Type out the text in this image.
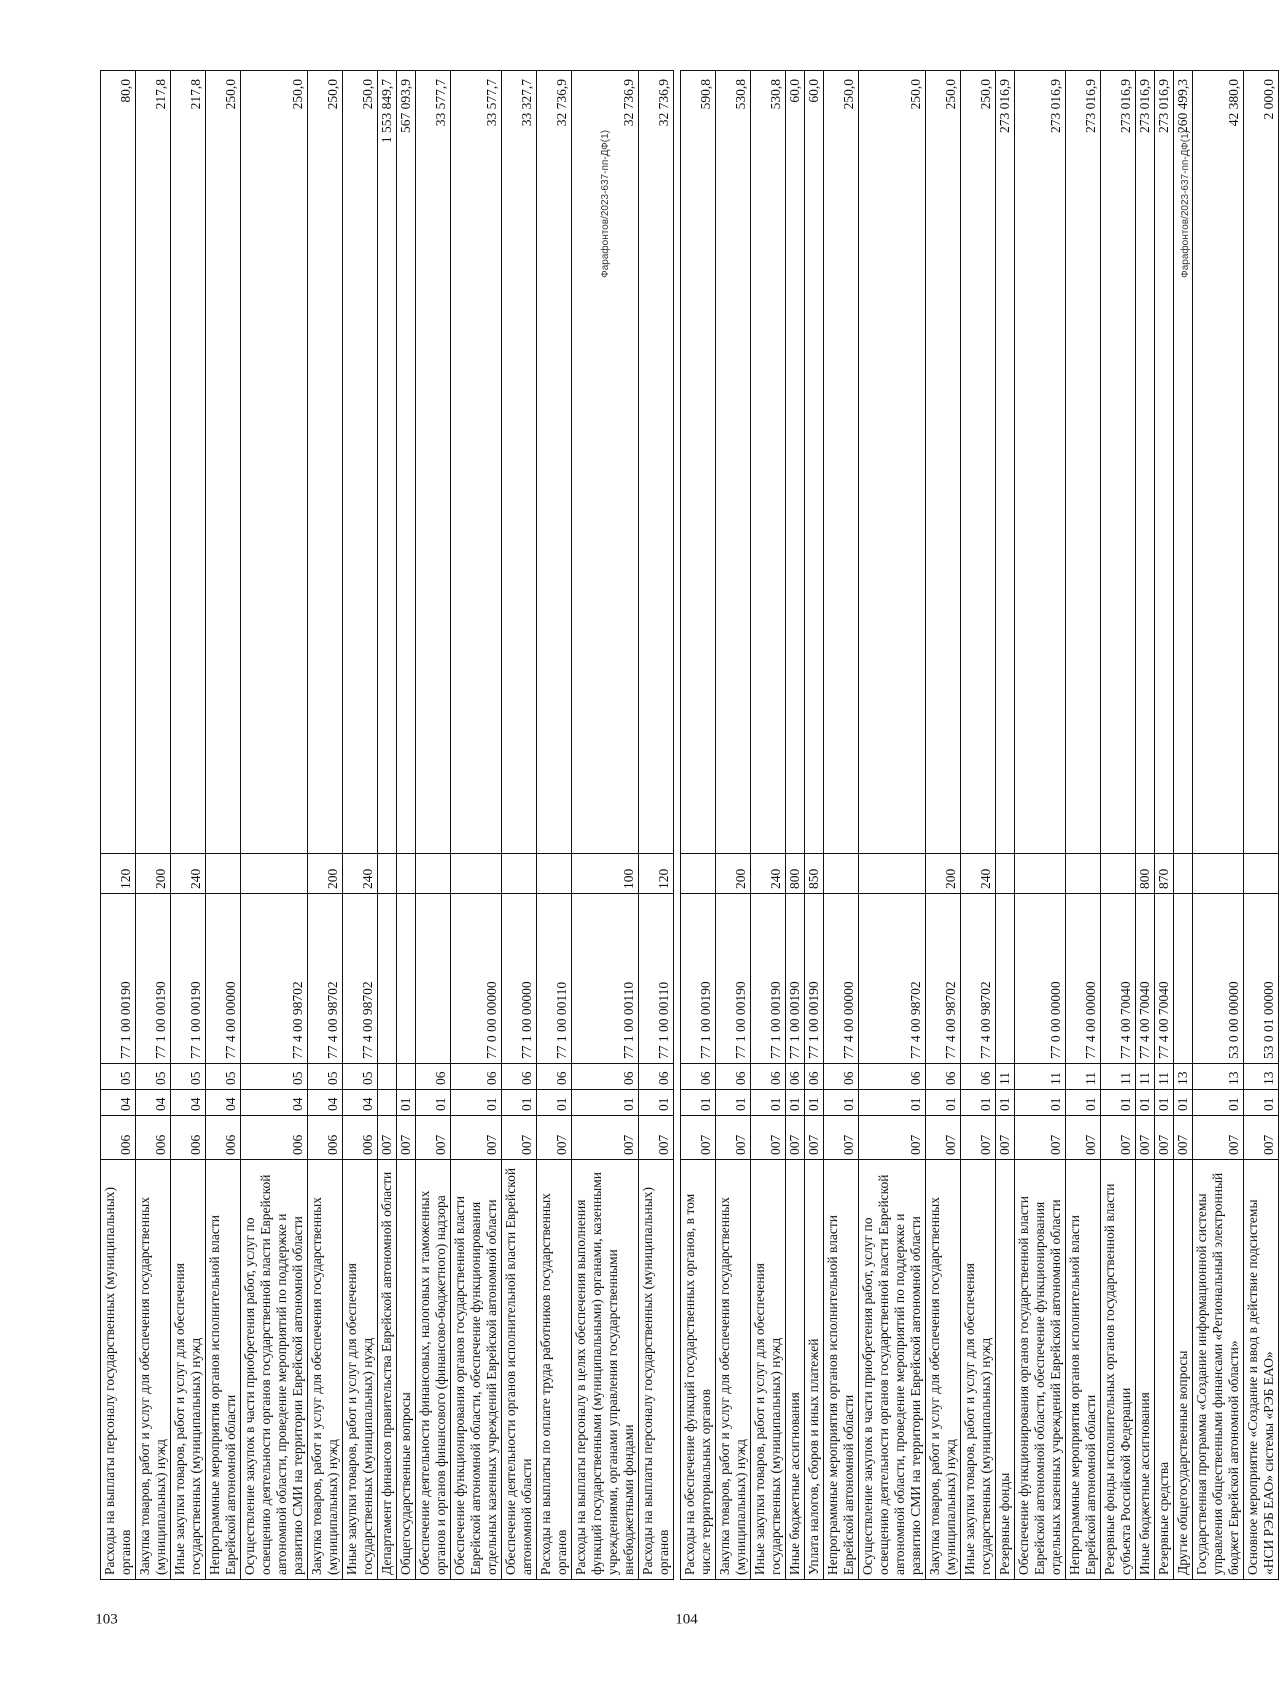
103
Расходы на выплаты персоналу государственных (муниципальных) органов	006	04	05	77 1 00 00190	120	80,0
Закупка товаров, работ и услуг для обеспечения государственных (муниципальных) нужд	006	04	05	77 1 00 00190	200	217,8
Иные закупки товаров, работ и услуг для обеспечения государственных (муниципальных) нужд	006	04	05	77 1 00 00190	240	217,8
Непрограммные мероприятия органов исполнительной власти Еврейской автономной области	006	04	05	77 4 00 00000		250,0
Осуществление закупок в части приобретения работ, услуг по освещению деятельности органов государственной власти Еврейской автономной области, проведение мероприятий по поддержке и развитию СМИ на территории Еврейской автономной области	006	04	05	77 4 00 98702		250,0
Закупка товаров, работ и услуг для обеспечения государственных (муниципальных) нужд	006	04	05	77 4 00 98702	200	250,0
Иные закупки товаров, работ и услуг для обеспечения государственных (муниципальных) нужд	006	04	05	77 4 00 98702	240	250,0
Департамент финансов правительства Еврейской автономной области	007					1 553 849,7
Общегосударственные вопросы	007	01				567 093,9
Обеспечение деятельности финансовых, налоговых и таможенных органов и органов финансового (финансово-бюджетного) надзора	007	01	06			33 577,7
Обеспечение функционирования органов государственной власти Еврейской автономной области, обеспечение функционирования отдельных казенных учреждений Еврейской автономной области	007	01	06	77 0 00 00000		33 577,7
Обеспечение деятельности органов исполнительной власти Еврейской автономной области	007	01	06	77 1 00 00000		33 327,7
Расходы на выплаты по оплате труда работников государственных органов	007	01	06	77 1 00 00110		32 736,9
Расходы на выплаты персоналу в целях обеспечения выполнения функций государственными (муниципальными) органами, казенными учреждениями, органами управления государственными внебюджетными фондами	007	01	06	77 1 00 00110	100	32 736,9
Расходы на выплаты персоналу государственных (муниципальных) органов	007	01	06	77 1 00 00110	120	32 736,9
Фарафонтов/2023-637-пп-ДФ(1)
104
Расходы на обеспечение функций государственных органов, в том числе территориальных органов	007	01	06	77 1 00 00190		590,8
Закупка товаров, работ и услуг для обеспечения государственных (муниципальных) нужд	007	01	06	77 1 00 00190	200	530,8
Иные закупки товаров, работ и услуг для обеспечения государственных (муниципальных) нужд	007	01	06	77 1 00 00190	240	530,8
Иные бюджетные ассигнования	007	01	06	77 1 00 00190	800	60,0
Уплата налогов, сборов и иных платежей	007	01	06	77 1 00 00190	850	60,0
Непрограммные мероприятия органов исполнительной власти Еврейской автономной области	007	01	06	77 4 00 00000		250,0
Осуществление закупок в части приобретения работ, услуг по освещению деятельности органов государственной власти Еврейской автономной области, проведение мероприятий по поддержке и развитию СМИ на территории Еврейской автономной области	007	01	06	77 4 00 98702		250,0
Закупка товаров, работ и услуг для обеспечения государственных (муниципальных) нужд	007	01	06	77 4 00 98702	200	250,0
Иные закупки товаров, работ и услуг для обеспечения государственных (муниципальных) нужд	007	01	06	77 4 00 98702	240	250,0
Резервные фонды	007	01	11			273 016,9
Обеспечение функционирования органов государственной власти Еврейской автономной области, обеспечение функционирования отдельных казенных учреждений Еврейской автономной области	007	01	11	77 0 00 00000		273 016,9
Непрограммные мероприятия органов исполнительной власти Еврейской автономной области	007	01	11	77 4 00 00000		273 016,9
Резервные фонды исполнительных органов государственной власти субъекта Российской Федерации	007	01	11	77 4 00 70040		273 016,9
Иные бюджетные ассигнования	007	01	11	77 4 00 70040	800	273 016,9
Резервные средства	007	01	11	77 4 00 70040	870	273 016,9
Другие общегосударственные вопросы	007	01	13			260 499,3
Государственная программа «Создание информационной системы управления общественными финансами «Региональный электронный бюджет Еврейской автономной области»	007	01	13	53 0 00 00000		42 380,0
Основное мероприятие «Создание и ввод в действие подсистемы «НСИ РЭБ ЕАО» системы «РЭБ ЕАО»	007	01	13	53 0 01 00000		2 000,0
Фарафонтов/2023-637-пп-ДФ(1)
